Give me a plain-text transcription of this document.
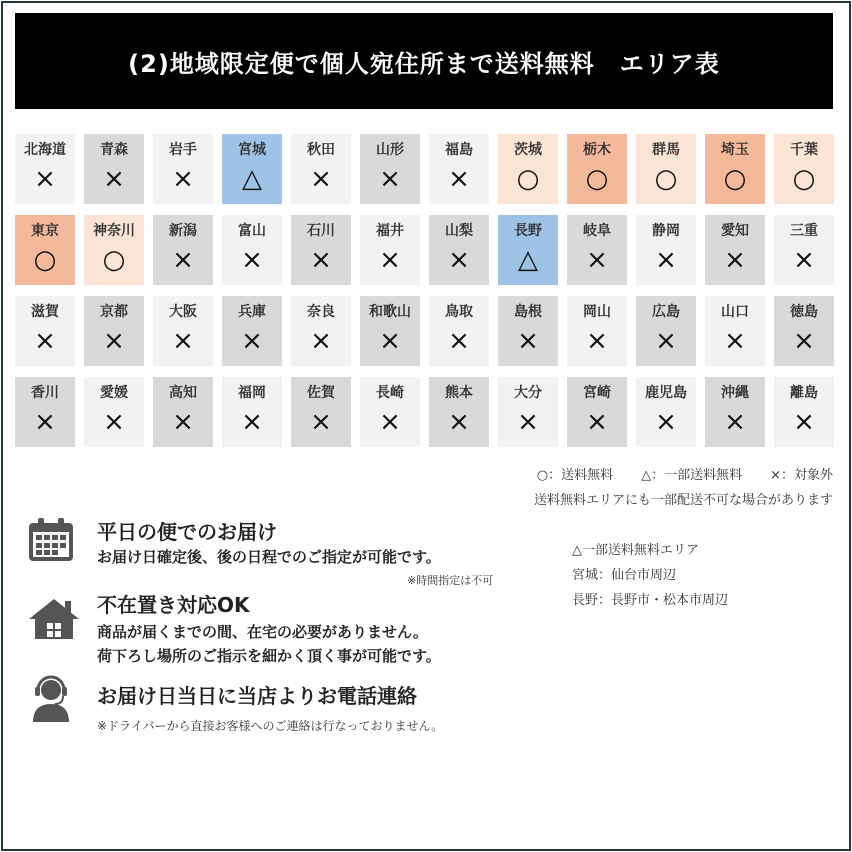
(2)地域限定便で個人宛住所まで送料無料　エリア表
北海道
×
青森
×
岩手
×
宮城
△
秋田
×
山形
×
福島
×
茨城
○
栃木
○
群馬
○
埼玉
○
千葉
○
東京
○
神奈川
○
新潟
×
富山
×
石川
×
福井
×
山梨
×
長野
△
岐阜
×
静岡
×
愛知
×
三重
×
滋賀
×
京都
×
大阪
×
兵庫
×
奈良
×
和歌山
×
鳥取
×
島根
×
岡山
×
広島
×
山口
×
徳島
×
香川
×
愛媛
×
高知
×
福岡
×
佐賀
×
長崎
×
熊本
×
大分
×
宮崎
×
鹿児島
×
沖縄
×
離島
×
○：送料無料 △：一部送料無料 ×：対象外
送料無料エリアにも一部配送不可な場合があります
平日の便でのお届け
お届け日確定後、後の日程でのご指定が可能です。
※時間指定は不可
不在置き対応OK
商品が届くまでの間、在宅の必要がありません。
荷下ろし場所のご指示を細かく頂く事が可能です。
お届け日当日に当店よりお電話連絡
※ドライバーから直接お客様へのご連絡は行なっておりません。
△一部送料無料エリア
宮城：仙台市周辺
長野：長野市・松本市周辺
